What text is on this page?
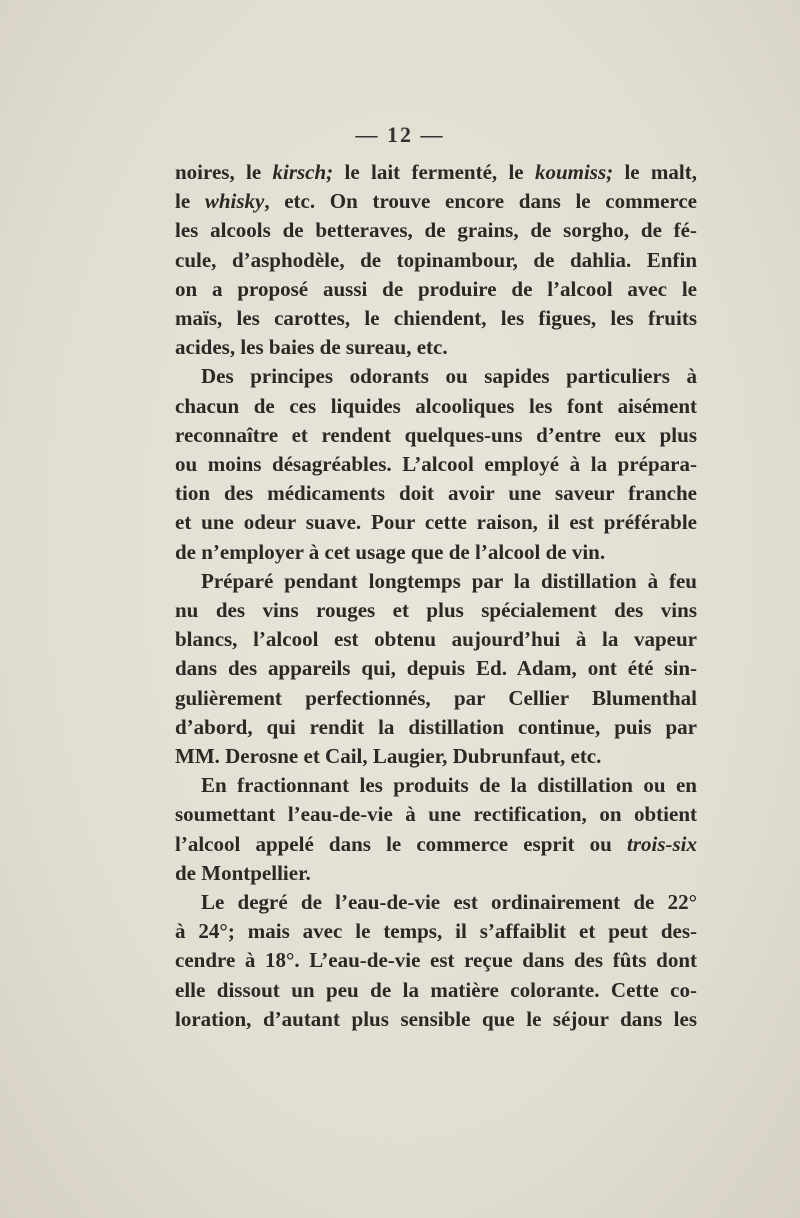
— 12 —
noires, le kirsch; le lait fermenté, le koumiss; le malt,
le whisky, etc. On trouve encore dans le commerce
les alcools de betteraves, de grains, de sorgho, de fé-
cule, d’asphodèle, de topinambour, de dahlia. Enfin
on a proposé aussi de produire de l’alcool avec le
maïs, les carottes, le chiendent, les figues, les fruits
acides, les baies de sureau, etc.
Des principes odorants ou sapides particuliers à
chacun de ces liquides alcooliques les font aisément
reconnaître et rendent quelques-uns d’entre eux plus
ou moins désagréables. L’alcool employé à la prépara-
tion des médicaments doit avoir une saveur franche
et une odeur suave. Pour cette raison, il est préférable
de n’employer à cet usage que de l’alcool de vin.
Préparé pendant longtemps par la distillation à feu
nu des vins rouges et plus spécialement des vins
blancs, l’alcool est obtenu aujourd’hui à la vapeur
dans des appareils qui, depuis Ed. Adam, ont été sin-
gulièrement perfectionnés, par Cellier Blumenthal
d’abord, qui rendit la distillation continue, puis par
MM. Derosne et Cail, Laugier, Dubrunfaut, etc.
En fractionnant les produits de la distillation ou en
soumettant l’eau-de-vie à une rectification, on obtient
l’alcool appelé dans le commerce esprit ou trois-six
de Montpellier.
Le degré de l’eau-de-vie est ordinairement de 22°
à 24°; mais avec le temps, il s’affaiblit et peut des-
cendre à 18°. L’eau-de-vie est reçue dans des fûts dont
elle dissout un peu de la matière colorante. Cette co-
loration, d’autant plus sensible que le séjour dans les
